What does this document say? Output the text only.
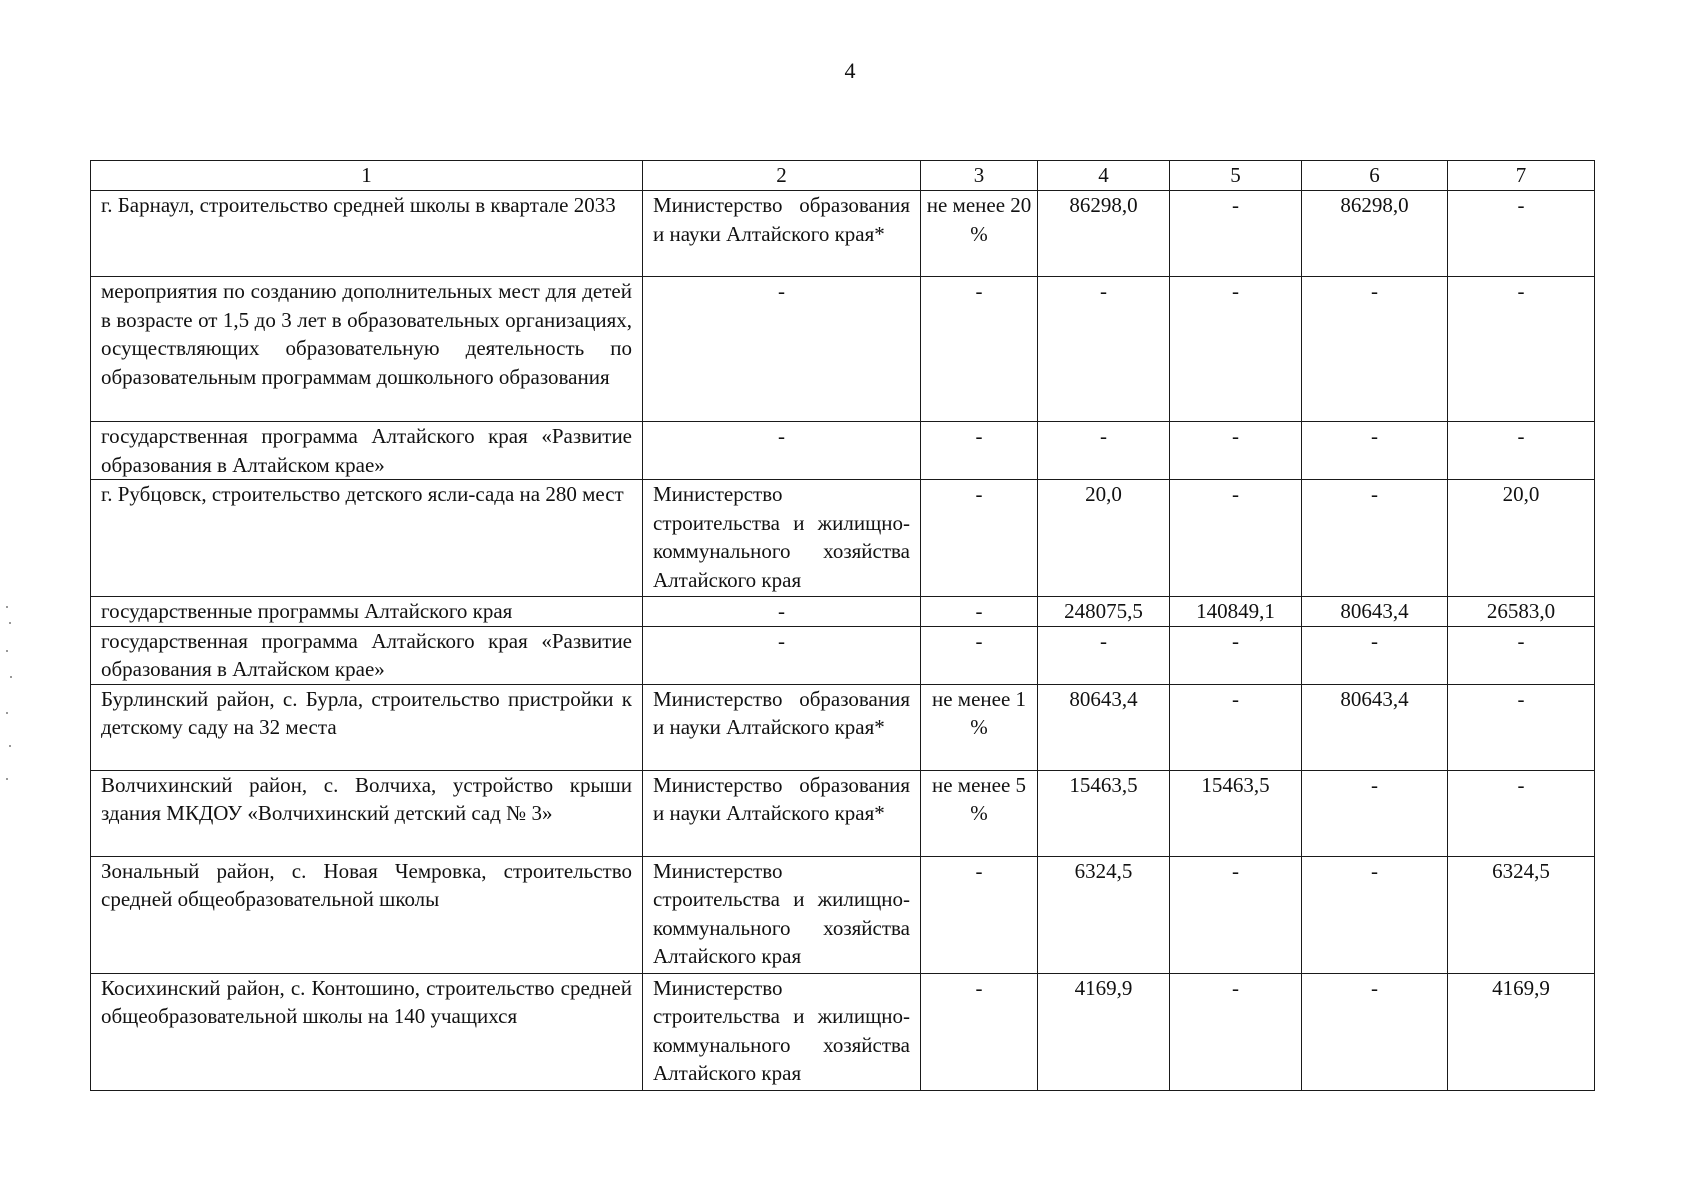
4
1	2	3	4	5	6	7
г. Барнаул, строительство средней школы в квартале 2033	Министерство образования и науки Алтайского края*	не менее 20 %	86298,0	-	86298,0	-
мероприятия по созданию дополнительных мест для детей в возрасте от 1,5 до 3 лет в образовательных организациях, осуществляющих образовательную деятельность по образовательным программам дошкольного образования	-	-	-	-	-	-
государственная программа Алтайского края «Развитие образования в Алтайском крае»	-	-	-	-	-	-
г. Рубцовск, строительство детского ясли-сада на 280 мест	Министерство строительства и жилищно-коммунального хозяйства Алтайского края	-	20,0	-	-	20,0
государственные программы Алтайского края	-	-	248075,5	140849,1	80643,4	26583,0
государственная программа Алтайского края «Развитие образования в Алтайском крае»	-	-	-	-	-	-
Бурлинский район, с. Бурла, строительство пристройки к детскому саду на 32 места	Министерство образования и науки Алтайского края*	не менее 1 %	80643,4	-	80643,4	-
Волчихинский район, с. Волчиха, устройство крыши здания МКДОУ «Волчихинский детский сад № 3»	Министерство образования и науки Алтайского края*	не менее 5 %	15463,5	15463,5	-	-
Зональный район, с. Новая Чемровка, строительство средней общеобразовательной школы	Министерство строительства и жилищно-коммунального хозяйства Алтайского края	-	6324,5	-	-	6324,5
Косихинский район, с. Контошино, строительство средней общеобразовательной школы на 140 учащихся	Министерство строительства и жилищно-коммунального хозяйства Алтайского края	-	4169,9	-	-	4169,9
